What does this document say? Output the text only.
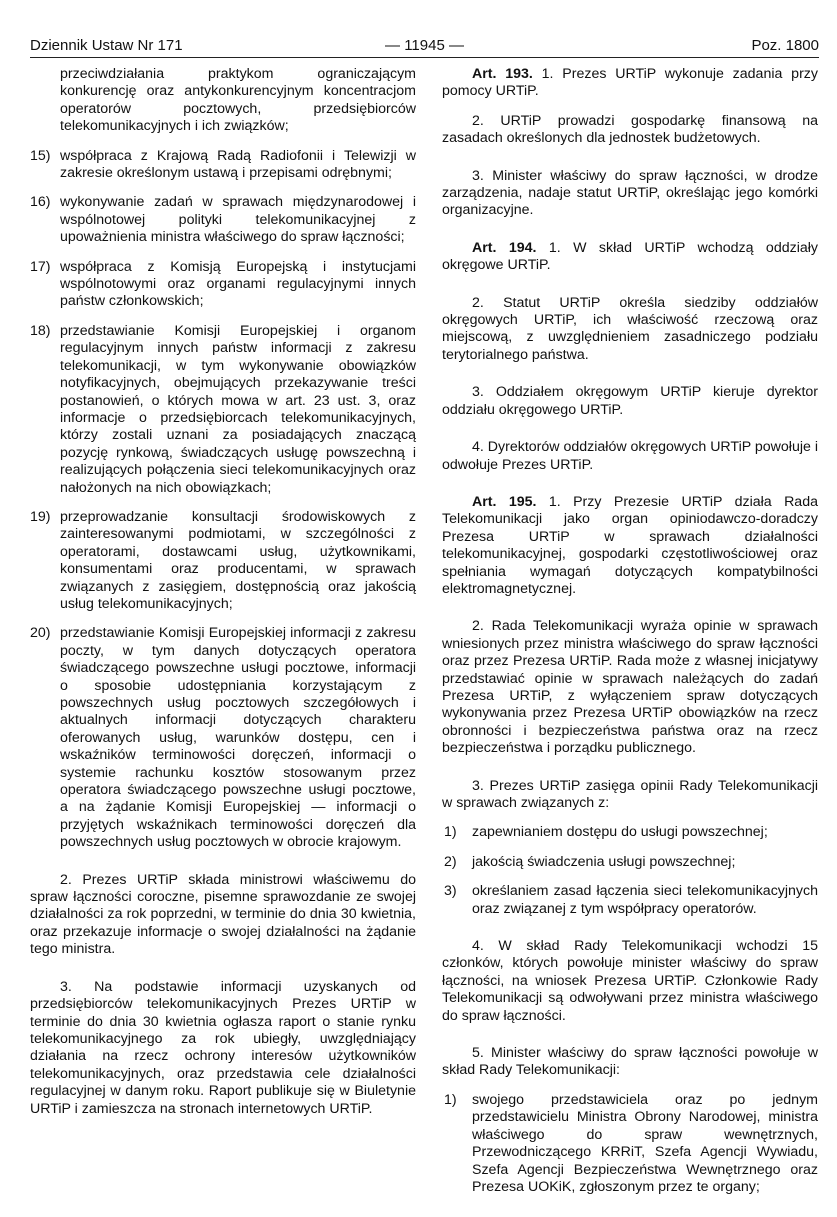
Dziennik Ustaw Nr 171	— 11945 —	Poz. 1800
przeciwdziałania praktykom ograniczającym konkurencję oraz antykonkurencyjnym koncentracjom operatorów pocztowych, przedsiębiorców telekomunikacyjnych i ich związków;
15) współpraca z Krajową Radą Radiofonii i Telewizji w zakresie określonym ustawą i przepisami odrębnymi;
16) wykonywanie zadań w sprawach międzynarodowej i wspólnotowej polityki telekomunikacyjnej z upoważnienia ministra właściwego do spraw łączności;
17) współpraca z Komisją Europejską i instytucjami wspólnotowymi oraz organami regulacyjnymi innych państw członkowskich;
18) przedstawianie Komisji Europejskiej i organom regulacyjnym innych państw informacji z zakresu telekomunikacji, w tym wykonywanie obowiązków notyfikacyjnych, obejmujących przekazywanie treści postanowień, o których mowa w art. 23 ust. 3, oraz informacje o przedsiębiorcach telekomunikacyjnych, którzy zostali uznani za posiadających znaczącą pozycję rynkową, świadczących usługę powszechną i realizujących połączenia sieci telekomunikacyjnych oraz nałożonych na nich obowiązkach;
19) przeprowadzanie konsultacji środowiskowych z zainteresowanymi podmiotami, w szczególności z operatorami, dostawcami usług, użytkownikami, konsumentami oraz producentami, w sprawach związanych z zasięgiem, dostępnością oraz jakością usług telekomunikacyjnych;
20) przedstawianie Komisji Europejskiej informacji z zakresu poczty, w tym danych dotyczących operatora świadczącego powszechne usługi pocztowe, informacji o sposobie udostępniania korzystającym z powszechnych usług pocztowych szczegółowych i aktualnych informacji dotyczących charakteru oferowanych usług, warunków dostępu, cen i wskaźników terminowości doręczeń, informacji o systemie rachunku kosztów stosowanym przez operatora świadczącego powszechne usługi pocztowe, a na żądanie Komisji Europejskiej — informacji o przyjętych wskaźnikach terminowości doręczeń dla powszechnych usług pocztowych w obrocie krajowym.

2. Prezes URTiP składa ministrowi właściwemu do spraw łączności coroczne, pisemne sprawozdanie ze swojej działalności za rok poprzedni, w terminie do dnia 30 kwietnia, oraz przekazuje informacje o swojej działalności na żądanie tego ministra.

3. Na podstawie informacji uzyskanych od przedsiębiorców telekomunikacyjnych Prezes URTiP w terminie do dnia 30 kwietnia ogłasza raport o stanie rynku telekomunikacyjnego za rok ubiegły, uwzględniający działania na rzecz ochrony interesów użytkowników telekomunikacyjnych, oraz przedstawia cele działalności regulacyjnej w danym roku. Raport publikuje się w Biuletynie URTiP i zamieszcza na stronach internetowych URTiP.

Art. 193. 1. Prezes URTiP wykonuje zadania przy pomocy URTiP.

2. URTiP prowadzi gospodarkę finansową na zasadach określonych dla jednostek budżetowych.

3. Minister właściwy do spraw łączności, w drodze zarządzenia, nadaje statut URTiP, określając jego komórki organizacyjne.

Art. 194. 1. W skład URTiP wchodzą oddziały okręgowe URTiP.

2. Statut URTiP określa siedziby oddziałów okręgowych URTiP, ich właściwość rzeczową oraz miejscową, z uwzględnieniem zasadniczego podziału terytorialnego państwa.

3. Oddziałem okręgowym URTiP kieruje dyrektor oddziału okręgowego URTiP.

4. Dyrektorów oddziałów okręgowych URTiP powołuje i odwołuje Prezes URTiP.

Art. 195. 1. Przy Prezesie URTiP działa Rada Telekomunikacji jako organ opiniodawczo-doradczy Prezesa URTiP w sprawach działalności telekomunikacyjnej, gospodarki częstotliwościowej oraz spełniania wymagań dotyczących kompatybilności elektromagnetycznej.

2. Rada Telekomunikacji wyraża opinie w sprawach wniesionych przez ministra właściwego do spraw łączności oraz przez Prezesa URTiP. Rada może z własnej inicjatywy przedstawiać opinie w sprawach należących do zadań Prezesa URTiP, z wyłączeniem spraw dotyczących wykonywania przez Prezesa URTiP obowiązków na rzecz obronności i bezpieczeństwa państwa oraz na rzecz bezpieczeństwa i porządku publicznego.

3. Prezes URTiP zasięga opinii Rady Telekomunikacji w sprawach związanych z:

1)	zapewnianiem dostępu do usługi powszechnej;
2)	jakością świadczenia usługi powszechnej;
3)	określaniem zasad łączenia sieci telekomunikacyjnych oraz związanej z tym współpracy operatorów.

4. W skład Rady Telekomunikacji wchodzi 15 członków, których powołuje minister właściwy do spraw łączności, na wniosek Prezesa URTiP. Członkowie Rady Telekomunikacji są odwoływani przez ministra właściwego do spraw łączności.

5. Minister właściwy do spraw łączności powołuje w skład Rady Telekomunikacji:

1)	swojego przedstawiciela oraz po jednym przedstawicielu Ministra Obrony Narodowej, ministra właściwego do spraw wewnętrznych, Przewodniczącego KRRiT, Szefa Agencji Wywiadu, Szefa Agencji Bezpieczeństwa Wewnętrznego oraz Prezesa UOKiK, zgłoszonym przez te organy;
